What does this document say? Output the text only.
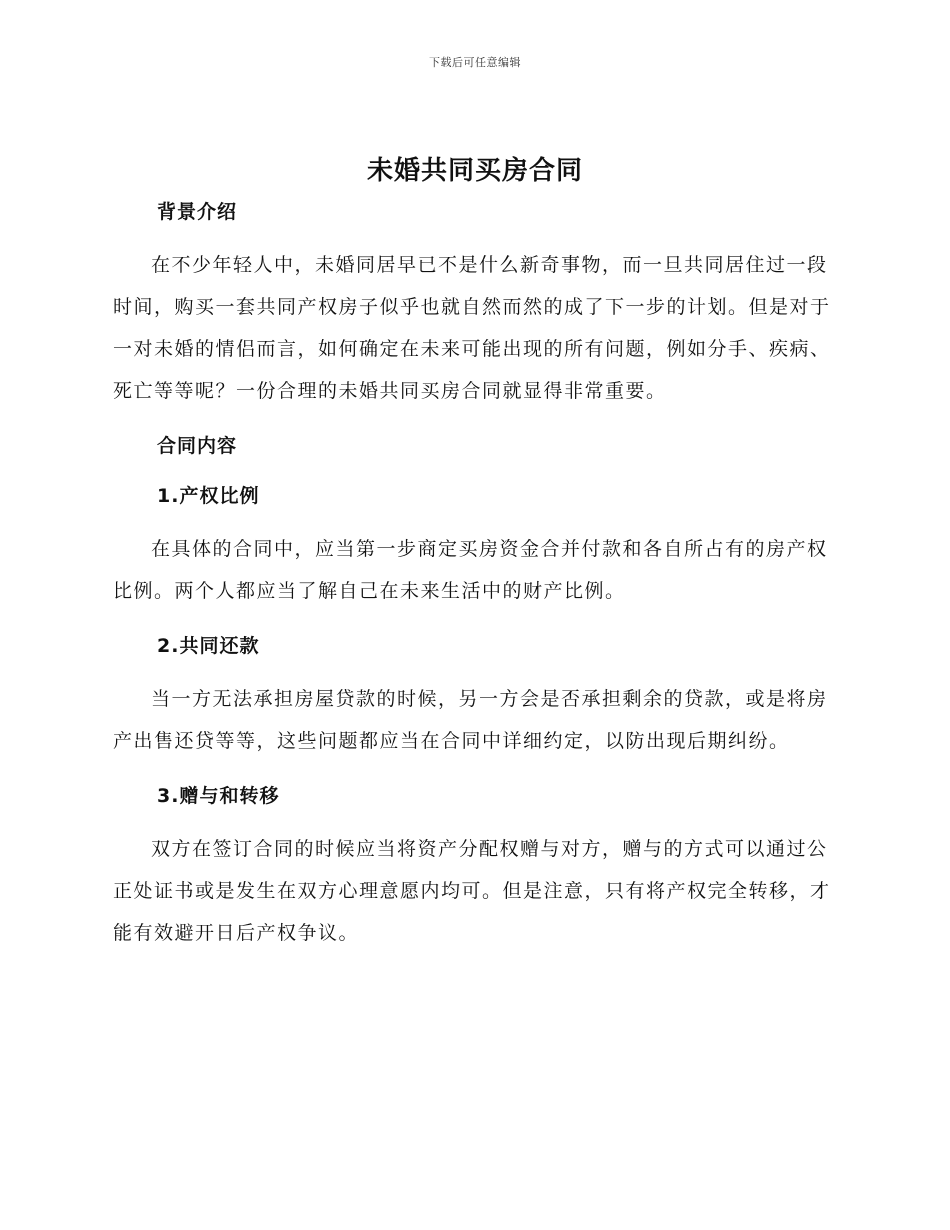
下载后可任意编辑
未婚共同买房合同

背景介绍

在不少年轻人中，未婚同居早已不是什么新奇事物，而一旦共同居住过一段时间，购买一套共同产权房子似乎也就自然而然的成了下一步的计划。但是对于一对未婚的情侣而言，如何确定在未来可能出现的所有问题，例如分手、疾病、死亡等等呢？一份合理的未婚共同买房合同就显得非常重要。

合同内容

1.产权比例

在具体的合同中，应当第一步商定买房资金合并付款和各自所占有的房产权比例。两个人都应当了解自己在未来生活中的财产比例。

2.共同还款

当一方无法承担房屋贷款的时候，另一方会是否承担剩余的贷款，或是将房产出售还贷等等，这些问题都应当在合同中详细约定，以防出现后期纠纷。

3.赠与和转移

双方在签订合同的时候应当将资产分配权赠与对方，赠与的方式可以通过公正处证书或是发生在双方心理意愿内均可。但是注意，只有将产权完全转移，才能有效避开日后产权争议。
